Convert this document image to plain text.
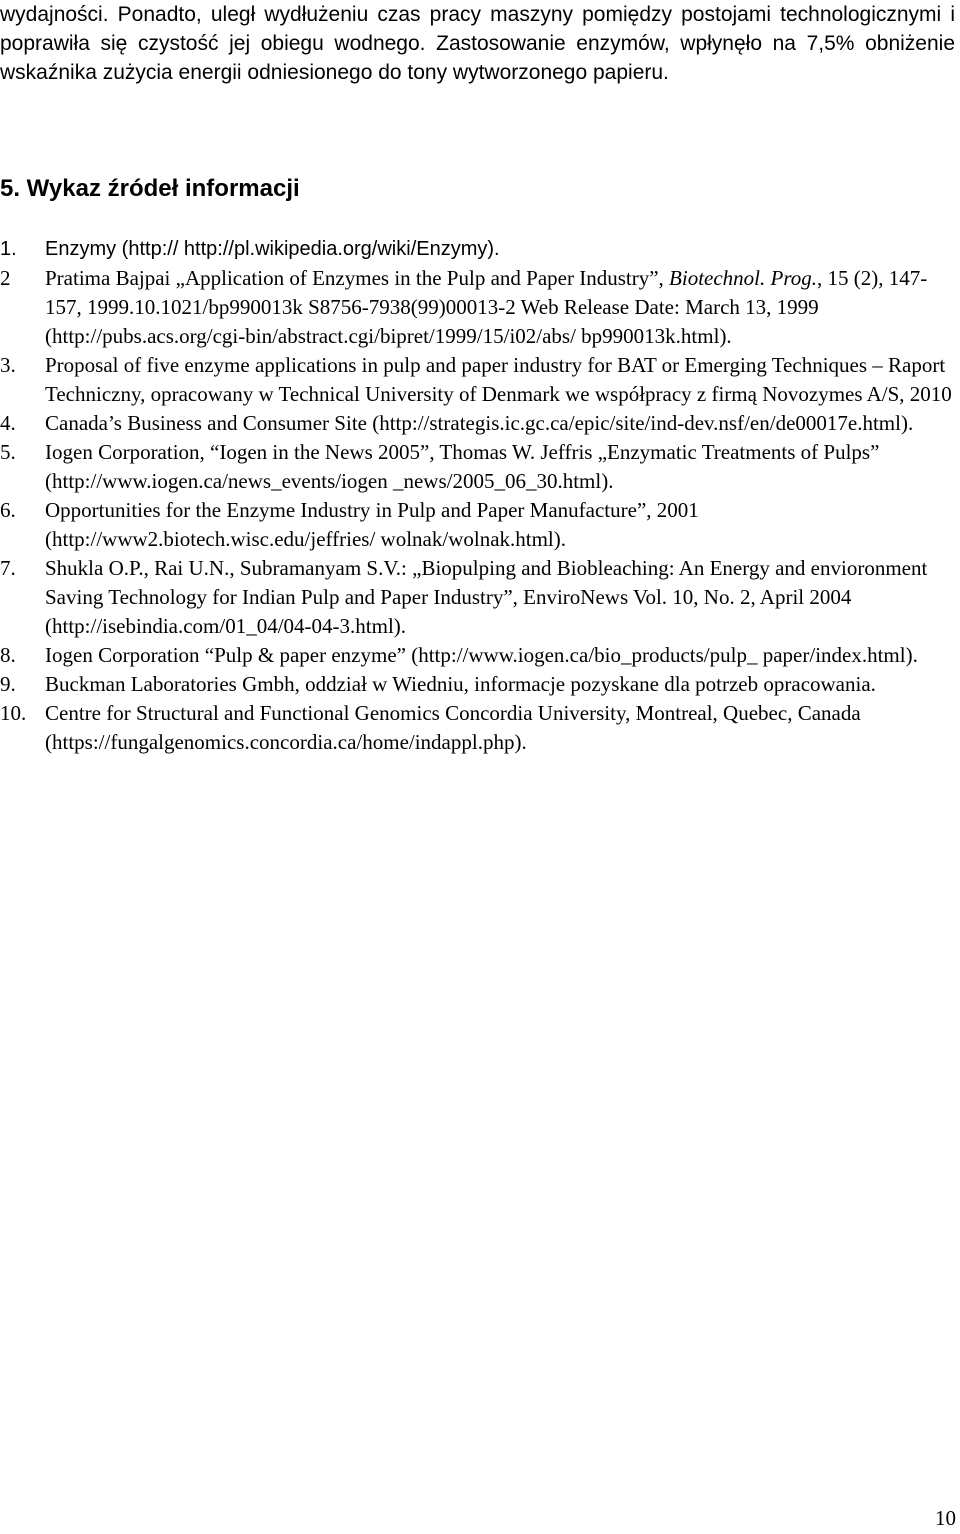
wydajności. Ponadto, uległ wydłużeniu czas pracy maszyny pomiędzy postojami technologicznymi i poprawiła się czystość jej obiegu wodnego. Zastosowanie enzymów, wpłynęło na 7,5% obniżenie wskaźnika zużycia energii odniesionego do tony wytworzonego papieru.

5. Wykaz źródeł informacji
1. Enzymy (http:// http://pl.wikipedia.org/wiki/Enzymy).
2 Pratima Bajpai „Application of Enzymes in the Pulp and Paper Industry”, Biotechnol. Prog., 15 (2), 147-157, 1999.10.1021/bp990013k S8756-7938(99)00013-2 Web Release Date: March 13, 1999 (http://pubs.acs.org/cgi-bin/abstract.cgi/bipret/1999/15/i02/abs/ bp990013k.html).
3. Proposal of five enzyme applications in pulp and paper industry for BAT or Emerging Techniques – Raport Techniczny, opracowany w Technical University of Denmark we współpracy z firmą Novozymes A/S, 2010
4. Canada’s Business and Consumer Site (http://strategis.ic.gc.ca/epic/site/ind-dev.nsf/en/de00017e.html).
5. Iogen Corporation, “Iogen in the News 2005”, Thomas W. Jeffris „Enzymatic Treatments of Pulps” (http://www.iogen.ca/news_events/iogen _news/2005_06_30.html).
6. Opportunities for the Enzyme Industry in Pulp and Paper Manufacture”, 2001 (http://www2.biotech.wisc.edu/jeffries/ wolnak/wolnak.html).
7. Shukla O.P., Rai U.N., Subramanyam S.V.: „Biopulping and Biobleaching: An Energy and envioronment Saving Technology for Indian Pulp and Paper Industry”, EnviroNews Vol. 10, No. 2, April 2004 (http://isebindia.com/01_04/04-04-3.html).
8. Iogen Corporation “Pulp & paper enzyme” (http://www.iogen.ca/bio_products/pulp_ paper/index.html).
9. Buckman Laboratories Gmbh, oddział w Wiedniu, informacje pozyskane dla potrzeb opracowania.
10. Centre for Structural and Functional Genomics Concordia University, Montreal, Quebec, Canada (https://fungalgenomics.concordia.ca/home/indappl.php).
10
